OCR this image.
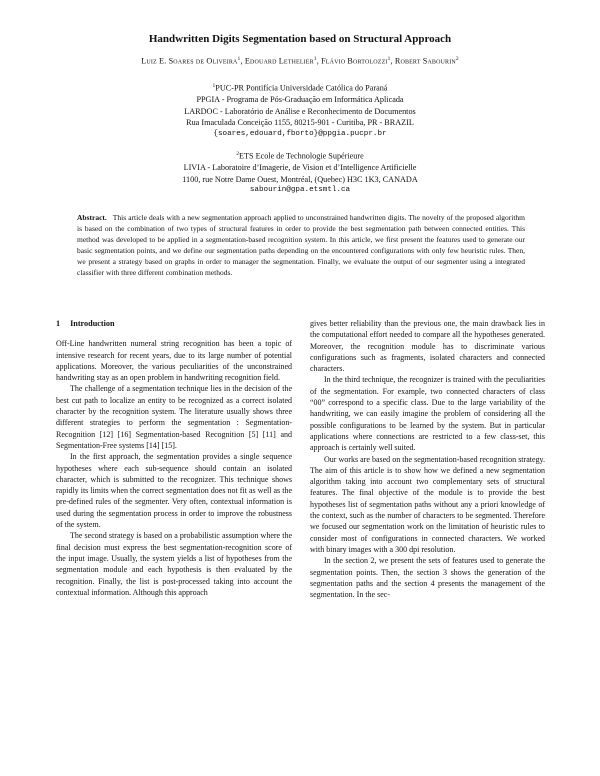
Handwritten Digits Segmentation based on Structural Approach
Luiz E. Soares de Oliveira$^1$, Edouard Lethelier$^1$, Flávio Bortolozzi$^1$, Robert Sabourin$^2$
$^1$PUC-PR Pontifícia Universidade Católica do Paraná
PPGIA - Programa de Pós-Graduação em Informática Aplicada
LARDOC - Laboratório de Análise e Reconhecimento de Documentos
Rua Imaculada Conceição 1155, 80215-901 - Curitiba, PR - BRAZIL
{soares,edouard,fborto}@ppgia.pucpr.br
$^2$ETS Ecole de Technologie Supérieure
LIVIA - Laboratoire d’Imagerie, de Vision et d’Intelligence Artificielle
1100, rue Notre Dame Ouest, Montréal, (Quebec) H3C 1K3, CANADA
sabourin@gpa.etsmtl.ca
Abstract. This article deals with a new segmentation approach applied to unconstrained handwritten digits. The novelty of the proposed algorithm is based on the combination of two types of structural features in order to provide the best segmentation path between connected entities. This method was developed to be applied in a segmentation-based recognition system. In this article, we first present the features used to generate our basic segmentation points, and we define our segmentation paths depending on the encountered configurations with only few heuristic rules. Then, we present a strategy based on graphs in order to manager the segmentation. Finally, we evaluate the output of our segmenter using a integrated classifier with three different combination methods.
1 Introduction

Off-Line handwritten numeral string recognition has been a topic of intensive research for recent years, due to its large number of potential applications. Moreover, the various peculiarities of the unconstrained handwriting stay as an open problem in handwriting recognition field.

The challenge of a segmentation technique lies in the decision of the best cut path to localize an entity to be recognized as a correct isolated character by the recognition system. The literature usually shows three different strategies to perform the segmentation : Segmentation-Recognition [12] [16] Segmentation-based Recognition [5] [11] and Segmentation-Free systems [14] [15].

In the first approach, the segmentation provides a single sequence hypotheses where each sub-sequence should contain an isolated character, which is submitted to the recognizer. This technique shows rapidly its limits when the correct segmentation does not fit as well as the pre-defined rules of the segmenter. Very often, contextual information is used during the segmentation process in order to improve the robustness of the system.

The second strategy is based on a probabilistic assumption where the final decision must express the best segmentation-recognition score of the input image. Usually, the system yields a list of hypotheses from the segmentation module and each hypothesis is then evaluated by the recognition. Finally, the list is post-processed taking into account the contextual information. Although this approach

gives better reliability than the previous one, the main drawback lies in the computational effort needed to compare all the hypotheses generated. Moreover, the recognition module has to discriminate various configurations such as fragments, isolated characters and connected characters.

In the third technique, the recognizer is trained with the peculiarities of the segmentation. For example, two connected characters of class “00” correspond to a specific class. Due to the large variability of the handwriting, we can easily imagine the problem of considering all the possible configurations to be learned by the system. But in particular applications where connections are restricted to a few class-set, this approach is certainly well suited.

Our works are based on the segmentation-based recognition strategy. The aim of this article is to show how we defined a new segmentation algorithm taking into account two complementary sets of structural features. The final objective of the module is to provide the best hypotheses list of segmentation paths without any a priori knowledge of the context, such as the number of characters to be segmented. Therefore we focused our segmentation work on the limitation of heuristic rules to consider most of configurations in connected characters. We worked with binary images with a 300 dpi resolution.

In the section 2, we present the sets of features used to generate the segmentation points. Then, the section 3 shows the generation of the segmentation paths and the section 4 presents the management of the segmentation. In the sec-
